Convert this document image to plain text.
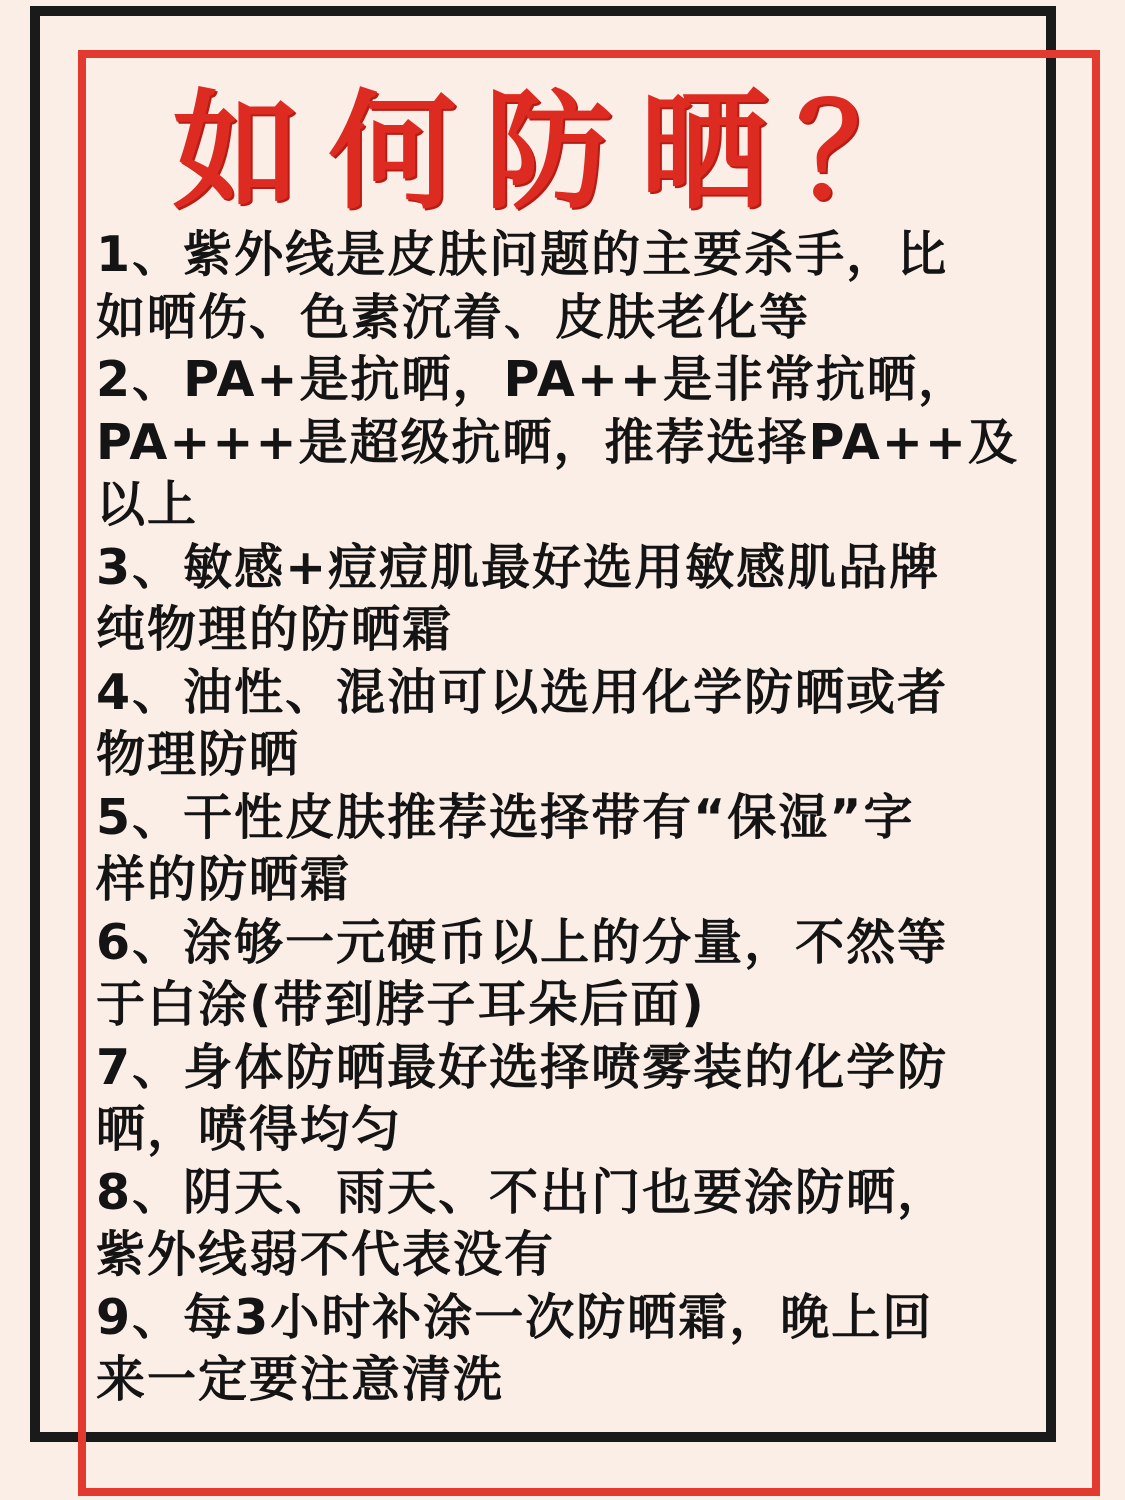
如何防晒？

1、紫外线是皮肤问题的主要杀手，比
如晒伤、色素沉着、皮肤老化等

2、PA+是抗晒，PA++是非常抗晒，
PA+++是超级抗晒，推荐选择PA++及
以上

3、敏感+痘痘肌最好选用敏感肌品牌
纯物理的防晒霜

4、油性、混油可以选用化学防晒或者
物理防晒

5、干性皮肤推荐选择带有“保湿”字
样的防晒霜

6、涂够一元硬币以上的分量，不然等
于白涂(带到脖子耳朵后面)

7、身体防晒最好选择喷雾装的化学防
晒，喷得均匀

8、阴天、雨天、不出门也要涂防晒，
紫外线弱不代表没有

9、每3小时补涂一次防晒霜，晚上回
来一定要注意清洗
